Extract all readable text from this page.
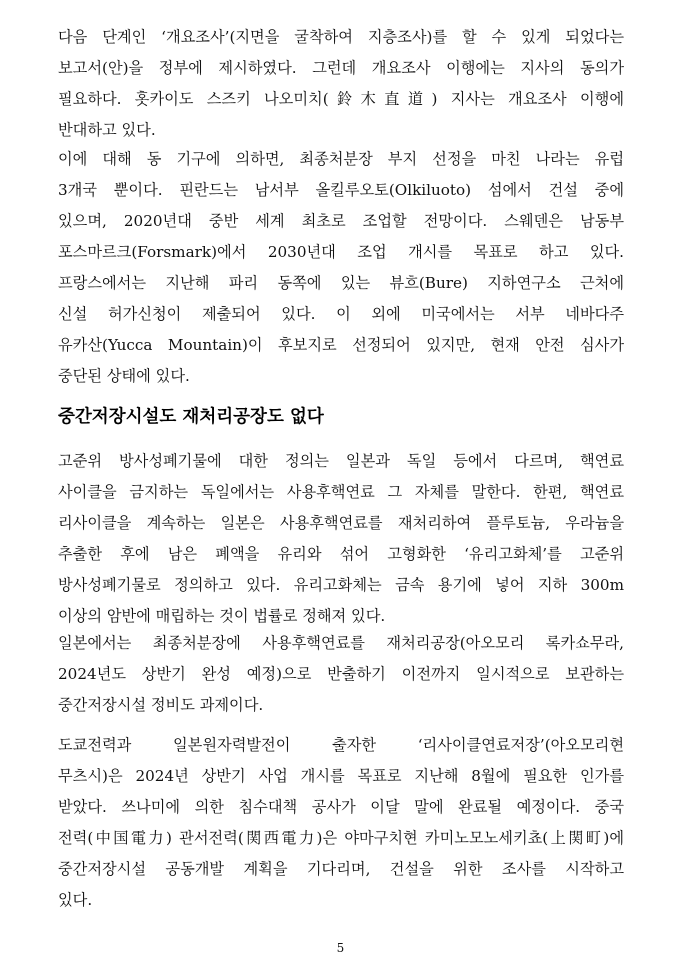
다음 단계인 ‘개요조사’(지면을 굴착하여 지층조사)를 할 수 있게 되었다는
보고서(안)을 정부에 제시하였다. 그런데 개요조사 이행에는 지사의 동의가
필요하다. 홋카이도 스즈키 나오미치(鈴木直道) 지사는 개요조사 이행에
반대하고 있다.
이에 대해 동 기구에 의하면, 최종처분장 부지 선정을 마친 나라는 유럽
3개국 뿐이다. 핀란드는 남서부 올킬루오토(Olkiluoto) 섬에서 건설 중에
있으며, 2020년대 중반 세계 최초로 조업할 전망이다. 스웨덴은 남동부
포스마르크(Forsmark)에서 2030년대 조업 개시를 목표로 하고 있다.
프랑스에서는 지난해 파리 동쪽에 있는 뷰흐(Bure) 지하연구소 근처에
신설 허가신청이 제출되어 있다. 이 외에 미국에서는 서부 네바다주
유카산(Yucca Mountain)이 후보지로 선정되어 있지만, 현재 안전 심사가
중단된 상태에 있다.
중간저장시설도 재처리공장도 없다
고준위 방사성폐기물에 대한 정의는 일본과 독일 등에서 다르며, 핵연료
사이클을 금지하는 독일에서는 사용후핵연료 그 자체를 말한다. 한편, 핵연료
리사이클을 계속하는 일본은 사용후핵연료를 재처리하여 플루토늄, 우라늄을
추출한 후에 남은 폐액을 유리와 섞어 고형화한 ‘유리고화체’를 고준위
방사성폐기물로 정의하고 있다. 유리고화체는 금속 용기에 넣어 지하 300m
이상의 암반에 매립하는 것이 법률로 정해져 있다.
일본에서는 최종처분장에 사용후핵연료를 재처리공장(아오모리 록카쇼무라,
2024년도 상반기 완성 예정)으로 반출하기 이전까지 일시적으로 보관하는
중간저장시설 정비도 과제이다.
도쿄전력과 일본원자력발전이 출자한 ‘리사이클연료저장’(아오모리현
무츠시)은 2024년 상반기 사업 개시를 목표로 지난해 8월에 필요한 인가를
받았다. 쓰나미에 의한 침수대책 공사가 이달 말에 완료될 예정이다. 중국
전력(中国電力) 관서전력(関西電力)은 야마구치현 카미노모노세키쵸(上関町)에
중간저장시설 공동개발 계획을 기다리며, 건설을 위한 조사를 시작하고
있다.
5
